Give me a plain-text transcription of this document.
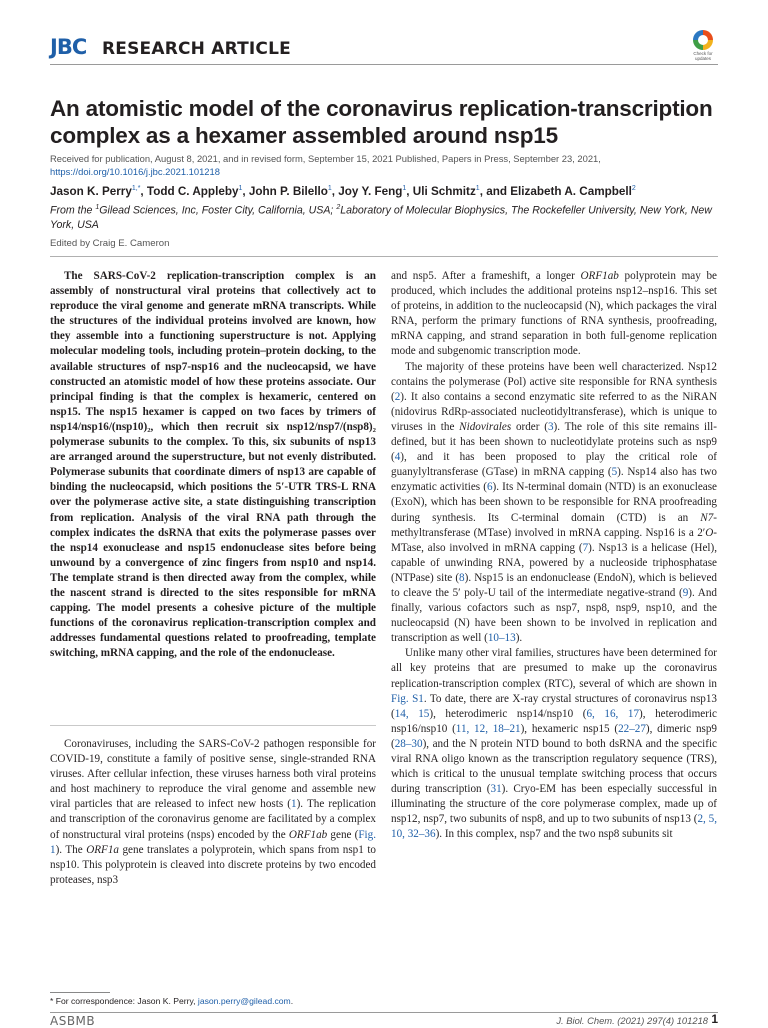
JBC RESEARCH ARTICLE	Check for updates
An atomistic model of the coronavirus replication-transcription complex as a hexamer assembled around nsp15
Received for publication, August 8, 2021, and in revised form, September 15, 2021 Published, Papers in Press, September 23, 2021,
https://doi.org/10.1016/j.jbc.2021.101218
Jason K. Perry$^{1,*}$, Todd C. Appleby$^1$, John P. Bilello$^1$, Joy Y. Feng$^1$, Uli Schmitz$^1$, and Elizabeth A. Campbell$^2$
From the $^1$Gilead Sciences, Inc, Foster City, California, USA; $^2$Laboratory of Molecular Biophysics, The Rockefeller University, New York, New York, USA
Edited by Craig E. Cameron

The SARS-CoV-2 replication-transcription complex is an assembly of nonstructural viral proteins that collectively act to reproduce the viral genome and generate mRNA transcripts. While the structures of the individual proteins involved are known, how they assemble into a functioning superstructure is not. Applying molecular modeling tools, including protein–protein docking, to the available structures of nsp7-nsp16 and the nucleocapsid, we have constructed an atomistic model of how these proteins associate. Our principal finding is that the complex is hexameric, centered on nsp15. The nsp15 hexamer is capped on two faces by trimers of nsp14/nsp16/(nsp10)₂, which then recruit six nsp12/nsp7/(nsp8)₂ polymerase subunits to the complex. To this, six subunits of nsp13 are arranged around the superstructure, but not evenly distributed. Polymerase subunits that coordinate dimers of nsp13 are capable of binding the nucleocapsid, which positions the 5′-UTR TRS-L RNA over the polymerase active site, a state distinguishing transcription from replication. Analysis of the viral RNA path through the complex indicates the dsRNA that exits the polymerase passes over the nsp14 exonuclease and nsp15 endonuclease sites before being unwound by a convergence of zinc fingers from nsp10 and nsp14. The template strand is then directed away from the complex, while the nascent strand is directed to the sites responsible for mRNA capping. The model presents a cohesive picture of the multiple functions of the coronavirus replication-transcription complex and addresses fundamental questions related to proofreading, template switching, mRNA capping, and the role of the endonuclease.

Coronaviruses, including the SARS-CoV-2 pathogen responsible for COVID-19, constitute a family of positive sense, single-stranded RNA viruses. After cellular infection, these viruses harness both viral proteins and host machinery to reproduce the viral genome and assemble new viral particles that are released to infect new hosts (1). The replication and transcription of the coronavirus genome are facilitated by a complex of nonstructural viral proteins (nsps) encoded by the ORF1ab gene (Fig. 1). The ORF1a gene translates a polyprotein, which spans from nsp1 to nsp10. This polyprotein is cleaved into discrete proteins by two encoded proteases, nsp3

and nsp5. After a frameshift, a longer ORF1ab polyprotein may be produced, which includes the additional proteins nsp12–nsp16. This set of proteins, in addition to the nucleocapsid (N), which packages the viral RNA, perform the primary functions of RNA synthesis, proofreading, mRNA capping, and strand separation in both full-genome replication mode and subgenomic transcription mode.

The majority of these proteins have been well characterized. Nsp12 contains the polymerase (Pol) active site responsible for RNA synthesis (2). It also contains a second enzymatic site referred to as the NiRAN (nidovirus RdRp-associated nucleotidyltransferase), which is unique to viruses in the Nidovirales order (3). The role of this site remains ill-defined, but it has been shown to nucleotidylate proteins such as nsp9 (4), and it has been proposed to play the critical role of guanylyltransferase (GTase) in mRNA capping (5). Nsp14 also has two enzymatic activities (6). Its N-terminal domain (NTD) is an exonuclease (ExoN), which has been shown to be responsible for RNA proofreading during synthesis. Its C-terminal domain (CTD) is an N7-methyltransferase (MTase) involved in mRNA capping. Nsp16 is a 2′O-MTase, also involved in mRNA capping (7). Nsp13 is a helicase (Hel), capable of unwinding RNA, powered by a nucleoside triphosphatase (NTPase) site (8). Nsp15 is an endonuclease (EndoN), which is believed to cleave the 5′ poly-U tail of the intermediate negative-strand (9). And finally, various cofactors such as nsp7, nsp8, nsp9, nsp10, and the nucleocapsid (N) have been shown to be involved in replication and transcription as well (10–13).

Unlike many other viral families, structures have been determined for all key proteins that are presumed to make up the coronavirus replication-transcription complex (RTC), several of which are shown in Fig. S1. To date, there are X-ray crystal structures of coronavirus nsp13 (14, 15), heterodimeric nsp14/nsp10 (6, 16, 17), heterodimeric nsp16/nsp10 (11, 12, 18–21), hexameric nsp15 (22–27), dimeric nsp9 (28–30), and the N protein NTD bound to both dsRNA and the specific viral RNA oligo known as the transcription regulatory sequence (TRS), which is critical to the unusual template switching process that occurs during transcription (31). Cryo-EM has been especially successful in illuminating the structure of the core polymerase complex, made up of nsp12, nsp7, two subunits of nsp8, and up to two subunits of nsp13 (2, 5, 10, 32–36). In this complex, nsp7 and the two nsp8 subunits sit

* For correspondence: Jason K. Perry, jason.perry@gilead.com.
ASBMB	J. Biol. Chem. (2021) 297(4) 101218 1
